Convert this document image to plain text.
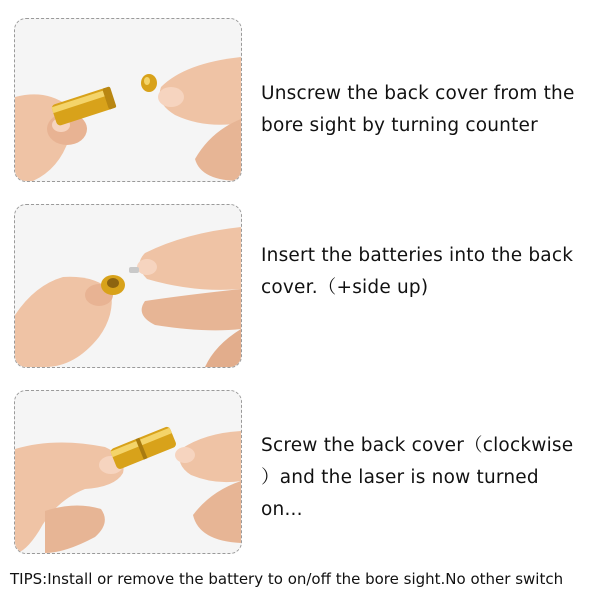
Unscrew the back cover from the
bore sight by turning counter
Insert the batteries into the back
cover.（+side up)
Screw the back cover（clockwise
）and the laser is now turned
on...
TIPS:Install or remove the battery to on/off the bore sight.No other switch
